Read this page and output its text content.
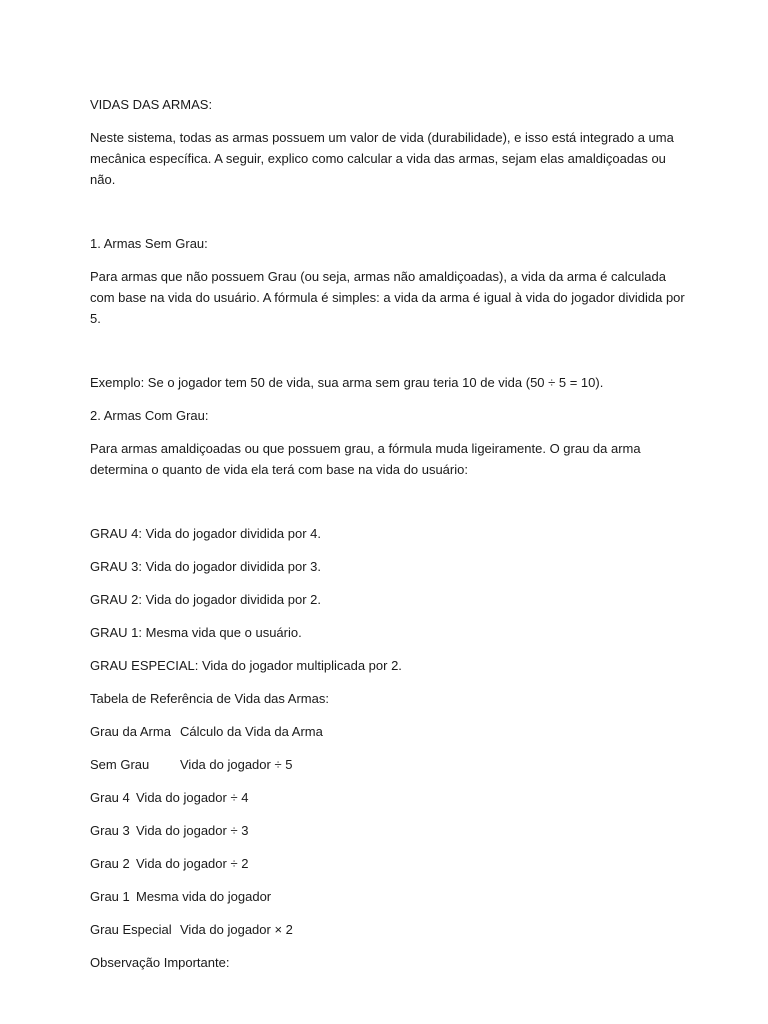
VIDAS DAS ARMAS:

Neste sistema, todas as armas possuem um valor de vida (durabilidade), e isso está integrado a uma mecânica específica. A seguir, explico como calcular a vida das armas, sejam elas amaldiçoadas ou não.

1. Armas Sem Grau:

Para armas que não possuem Grau (ou seja, armas não amaldiçoadas), a vida da arma é calculada com base na vida do usuário. A fórmula é simples: a vida da arma é igual à vida do jogador dividida por 5.

Exemplo: Se o jogador tem 50 de vida, sua arma sem grau teria 10 de vida (50 ÷ 5 = 10).

2. Armas Com Grau:

Para armas amaldiçoadas ou que possuem grau, a fórmula muda ligeiramente. O grau da arma determina o quanto de vida ela terá com base na vida do usuário:

GRAU 4: Vida do jogador dividida por 4.

GRAU 3: Vida do jogador dividida por 3.

GRAU 2: Vida do jogador dividida por 2.

GRAU 1: Mesma vida que o usuário.

GRAU ESPECIAL: Vida do jogador multiplicada por 2.

Tabela de Referência de Vida das Armas:

Grau da Arma Cálculo da Vida da Arma
Sem Grau	Vida do jogador ÷ 5
Grau 4 Vida do jogador ÷ 4
Grau 3 Vida do jogador ÷ 3
Grau 2 Vida do jogador ÷ 2
Grau 1 Mesma vida do jogador
Grau Especial Vida do jogador × 2

Observação Importante:
